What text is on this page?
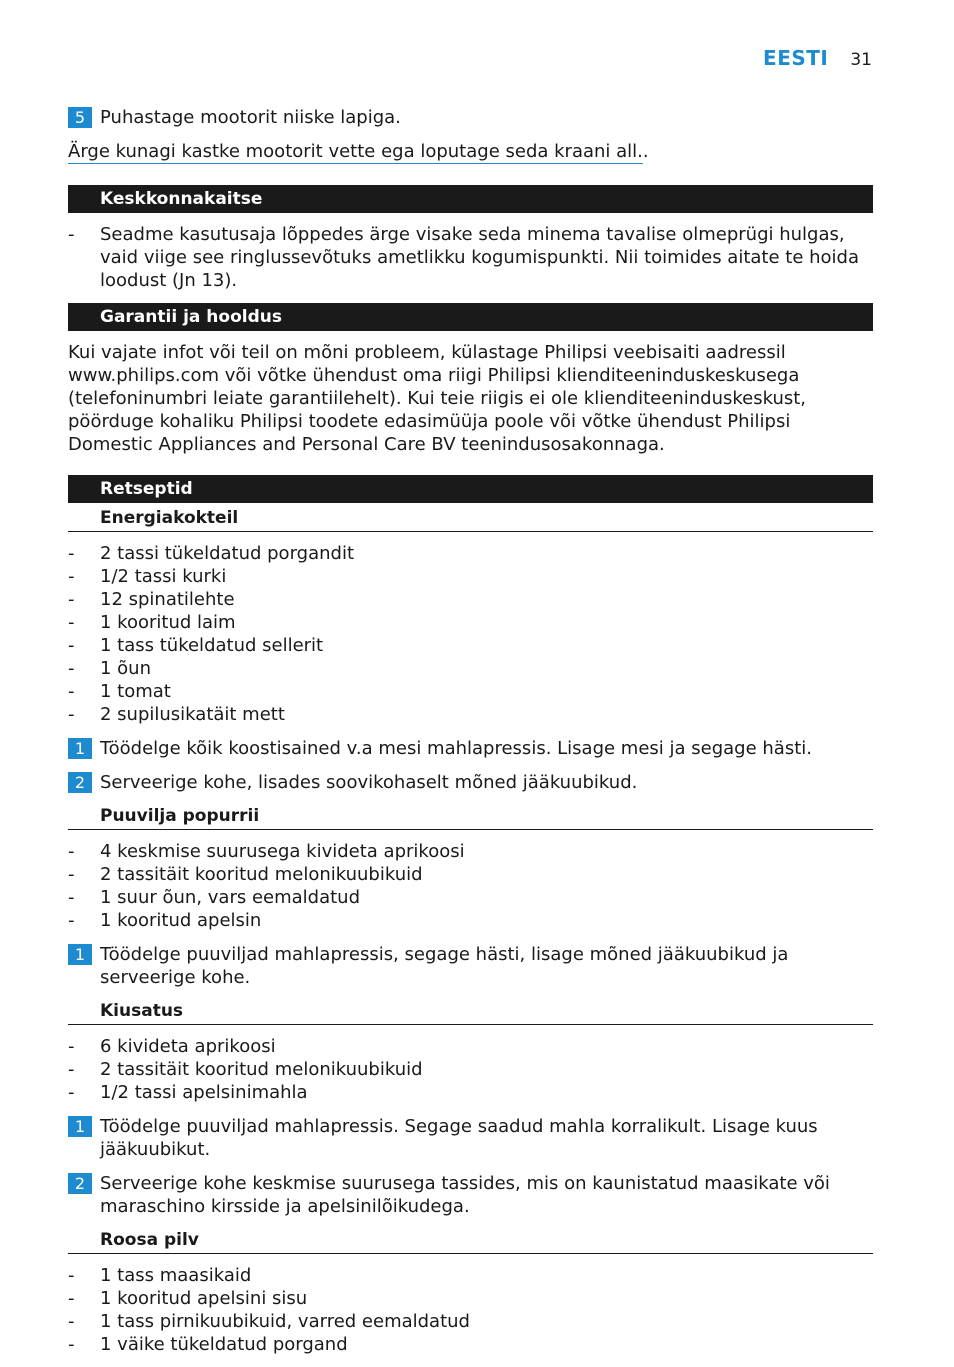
EESTI 31
5 Puhastage mootorit niiske lapiga.
Ärge kunagi kastke mootorit vette ega loputage seda kraani all..
Keskkonnakaitse
-	Seadme kasutusaja lõppedes ärge visake seda minema tavalise olmeprügi hulgas, vaid viige see ringlussevõtuks ametlikku kogumispunkti. Nii toimides aitate te hoida loodust (Jn 13).
Garantii ja hooldus

Kui vajate infot või teil on mõni probleem, külastage Philipsi veebisaiti aadressil www.philips.com või võtke ühendust oma riigi Philipsi klienditeeninduskeskusega (telefoninumbri leiate garantiilehelt). Kui teie riigis ei ole klienditeeninduskeskust, pöörduge kohaliku Philipsi toodete edasimüüja poole või võtke ühendust Philipsi Domestic Appliances and Personal Care BV teenindusosakonnaga.

Retseptid
Energiakokteil
-	2 tassi tükeldatud porgandit
-	1/2 tassi kurki
-	12 spinatilehte
-	1 kooritud laim
-	1 tass tükeldatud sellerit
-	1 õun
-	1 tomat
-	2 supilusikatäit mett
1 Töödelge kõik koostisained v.a mesi mahlapressis. Lisage mesi ja segage hästi.
2 Serveerige kohe, lisades soovikohaselt mõned jääkuubikud.
Puuvilja popurrii
-	4 keskmise suurusega kivideta aprikoosi
-	2 tassitäit kooritud melonikuubikuid
-	1 suur õun, vars eemaldatud
-	1 kooritud apelsin
1 Töödelge puuviljad mahlapressis, segage hästi, lisage mõned jääkuubikud ja serveerige kohe.
Kiusatus
-	6 kivideta aprikoosi
-	2 tassitäit kooritud melonikuubikuid
-	1/2 tassi apelsinimahla
1 Töödelge puuviljad mahlapressis. Segage saadud mahla korralikult. Lisage kuus jääkuubikut.
2 Serveerige kohe keskmise suurusega tassides, mis on kaunistatud maasikate või maraschino kirsside ja apelsinilõikudega.
Roosa pilv
-	1 tass maasikaid
-	1 kooritud apelsini sisu
-	1 tass pirnikuubikuid, varred eemaldatud
-	1 väike tükeldatud porgand
